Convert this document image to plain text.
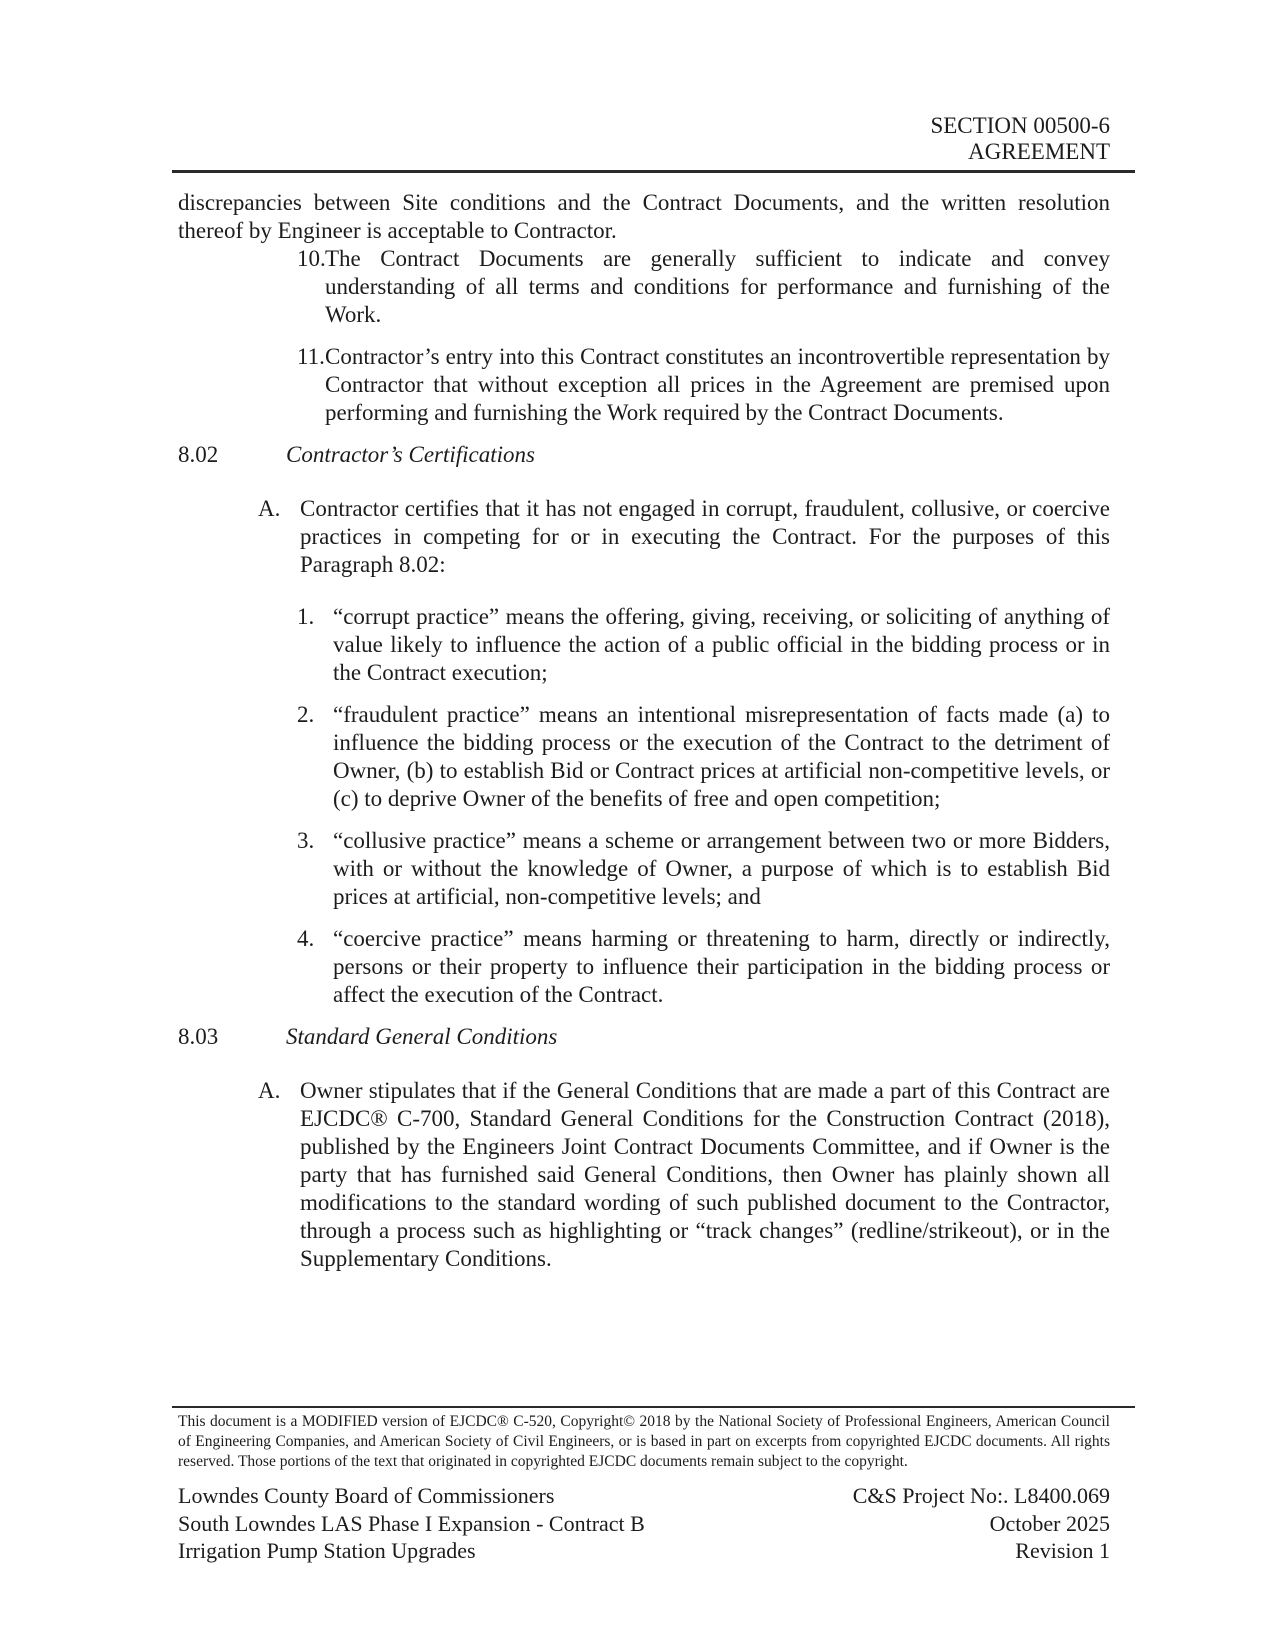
SECTION 00500-6
AGREEMENT

discrepancies between Site conditions and the Contract Documents, and the written resolution thereof by Engineer is acceptable to Contractor.

10. The Contract Documents are generally sufficient to indicate and convey understanding of all terms and conditions for performance and furnishing of the Work.
11. Contractor’s entry into this Contract constitutes an incontrovertible representation by Contractor that without exception all prices in the Agreement are premised upon performing and furnishing the Work required by the Contract Documents.
8.02	Contractor’s Certifications
A. Contractor certifies that it has not engaged in corrupt, fraudulent, collusive, or coercive practices in competing for or in executing the Contract. For the purposes of this Paragraph 8.02:
1. “corrupt practice” means the offering, giving, receiving, or soliciting of anything of value likely to influence the action of a public official in the bidding process or in the Contract execution;
2. “fraudulent practice” means an intentional misrepresentation of facts made (a) to influence the bidding process or the execution of the Contract to the detriment of Owner, (b) to establish Bid or Contract prices at artificial non-competitive levels, or (c) to deprive Owner of the benefits of free and open competition;
3. “collusive practice” means a scheme or arrangement between two or more Bidders, with or without the knowledge of Owner, a purpose of which is to establish Bid prices at artificial, non-competitive levels; and
4. “coercive practice” means harming or threatening to harm, directly or indirectly, persons or their property to influence their participation in the bidding process or affect the execution of the Contract.
8.03	Standard General Conditions
A. Owner stipulates that if the General Conditions that are made a part of this Contract are EJCDC® C-700, Standard General Conditions for the Construction Contract (2018), published by the Engineers Joint Contract Documents Committee, and if Owner is the party that has furnished said General Conditions, then Owner has plainly shown all modifications to the standard wording of such published document to the Contractor, through a process such as highlighting or “track changes” (redline/strikeout), or in the Supplementary Conditions.

This document is a MODIFIED version of EJCDC® C-520, Copyright© 2018 by the National Society of Professional Engineers, American Council of Engineering Companies, and American Society of Civil Engineers, or is based in part on excerpts from copyrighted EJCDC documents. All rights reserved. Those portions of the text that originated in copyrighted EJCDC documents remain subject to the copyright.

Lowndes County Board of Commissioners
South Lowndes LAS Phase I Expansion - Contract B
Irrigation Pump Station Upgrades
C&S Project No:. L8400.069
October 2025
Revision 1
